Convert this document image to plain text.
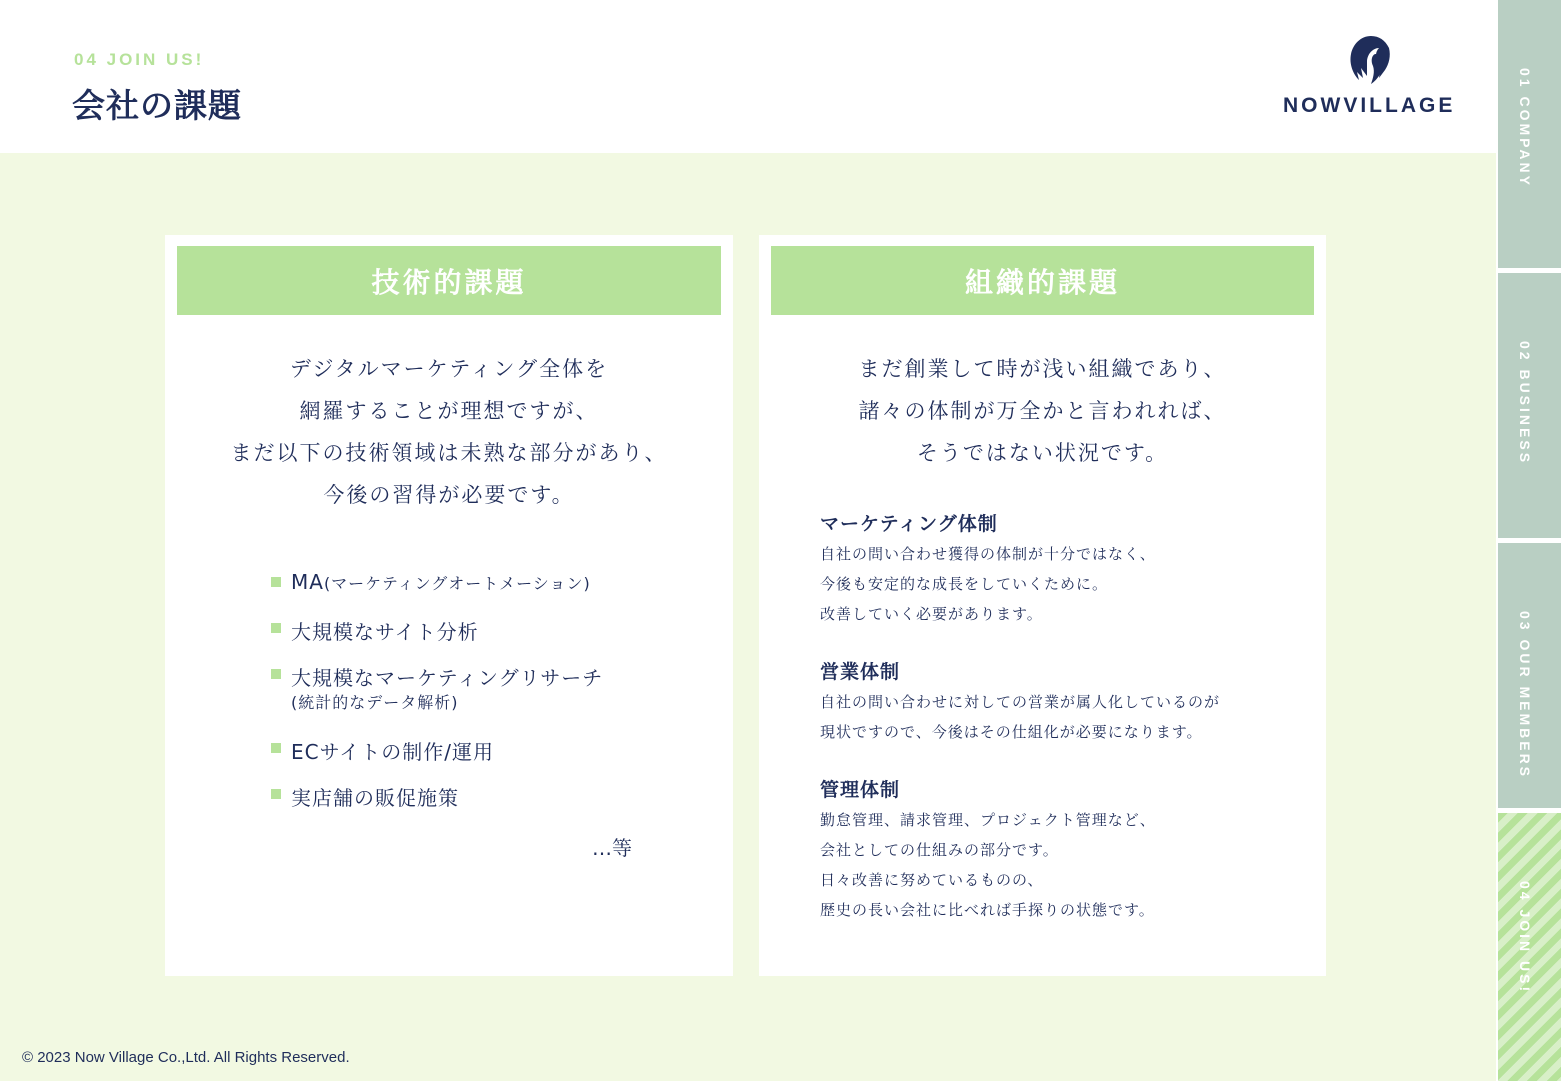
04 JOIN US!
会社の課題	NOWVILLAGE	01 COMPANY
02 BUSINESS
03 OUR MEMBERS
04 JOIN US!
技術的課題
デジタルマーケティング全体を
網羅することが理想ですが、
まだ以下の技術領域は未熟な部分があり、
今後の習得が必要です。
MA(マーケティングオートメーション)
大規模なサイト分析
大規模なマーケティングリサーチ
(統計的なデータ解析)
ECサイトの制作/運用
実店舗の販促施策
…等
組織的課題
まだ創業して時が浅い組織であり、
諸々の体制が万全かと言われれば、
そうではない状況です。
マーケティング体制
自社の問い合わせ獲得の体制が十分ではなく、
今後も安定的な成長をしていくために。
改善していく必要があります。
営業体制
自社の問い合わせに対しての営業が属人化しているのが
現状ですので、今後はその仕組化が必要になります。
管理体制
勤怠管理、請求管理、プロジェクト管理など、
会社としての仕組みの部分です。
日々改善に努めているものの、
歴史の長い会社に比べれば手探りの状態です。
© 2023 Now Village Co.,Ltd. All Rights Reserved.
